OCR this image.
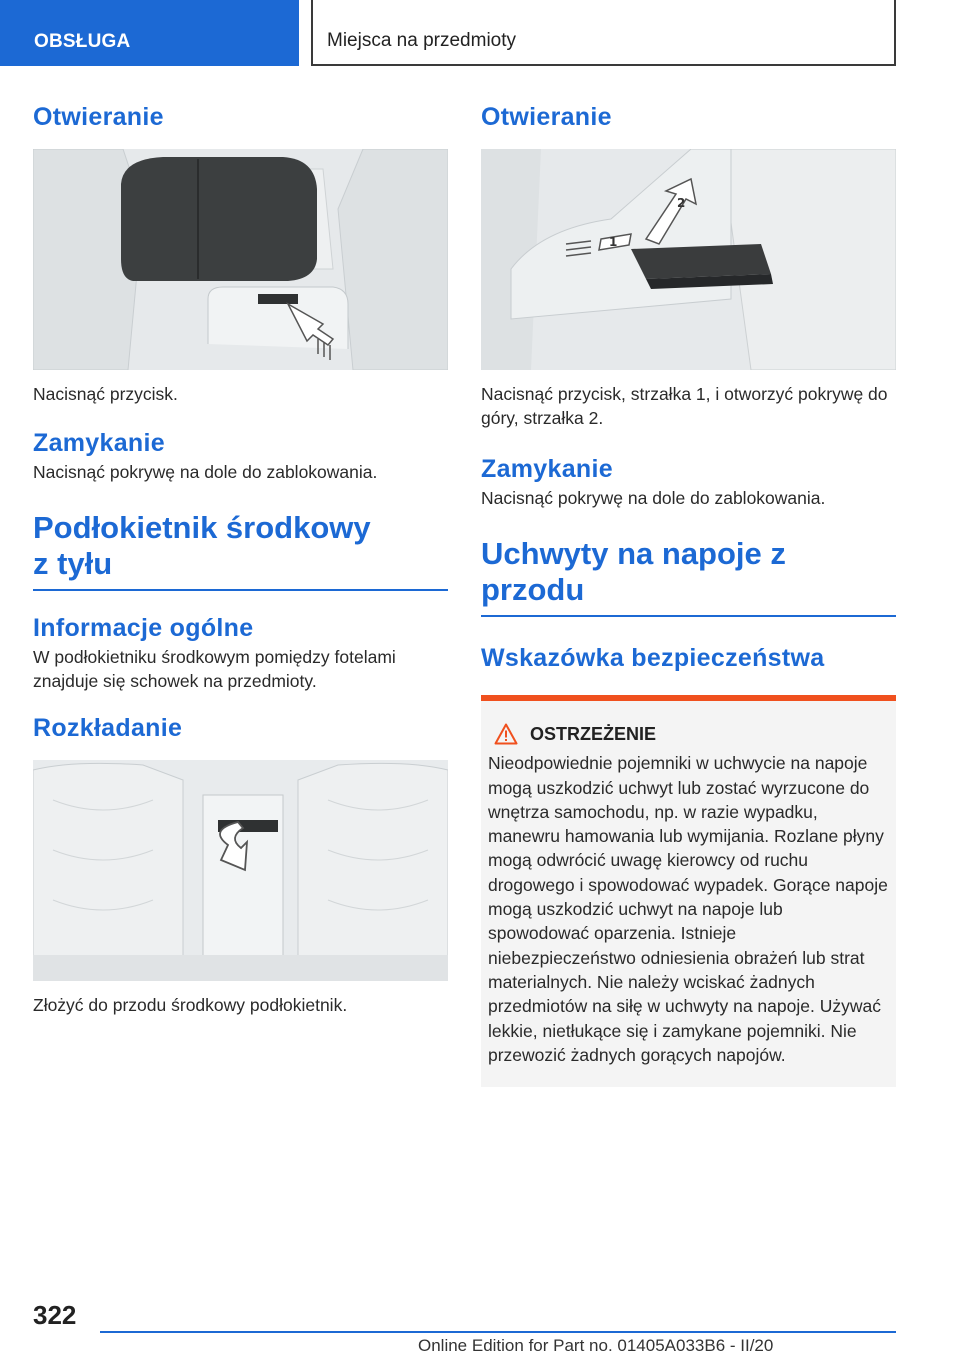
OBSŁUGA	Miejsca na przedmioty
Otwieranie

Nacisnąć przycisk.

Zamykanie

Nacisnąć pokrywę na dole do zablokowania.

Podłokietnik środkowy
z tyłu
Informacje ogólne

W podłokietniku środkowym pomiędzy fotelami znajduje się schowek na przedmioty.

Rozkładanie

Złożyć do przodu środkowy podłokietnik.

Otwieranie
1
2

Nacisnąć przycisk, strzałka 1, i otworzyć pokrywę do góry, strzałka 2.

Zamykanie

Nacisnąć pokrywę na dole do zablokowania.

Uchwyty na napoje z
przodu
Wskazówka bezpieczeństwa
OSTRZEŻENIE

Nieodpowiednie pojemniki w uchwycie na napoje mogą uszkodzić uchwyt lub zostać wyrzucone do wnętrza samochodu, np. w razie wypadku, manewru hamowania lub wymijania. Rozlane płyny mogą odwrócić uwagę kierowcy od ruchu drogowego i spowodować wypadek. Gorące napoje mogą uszkodzić uchwyt na napoje lub spowodować oparzenia. Istnieje niebezpieczeństwo odniesienia obrażeń lub strat materialnych. Nie należy wciskać żadnych przedmiotów na siłę w uchwyty na napoje. Używać lekkie, nietłukące się i zamykane pojemniki. Nie przewozić żadnych gorących napojów.

322
Online Edition for Part no. 01405A033B6 - II/20
